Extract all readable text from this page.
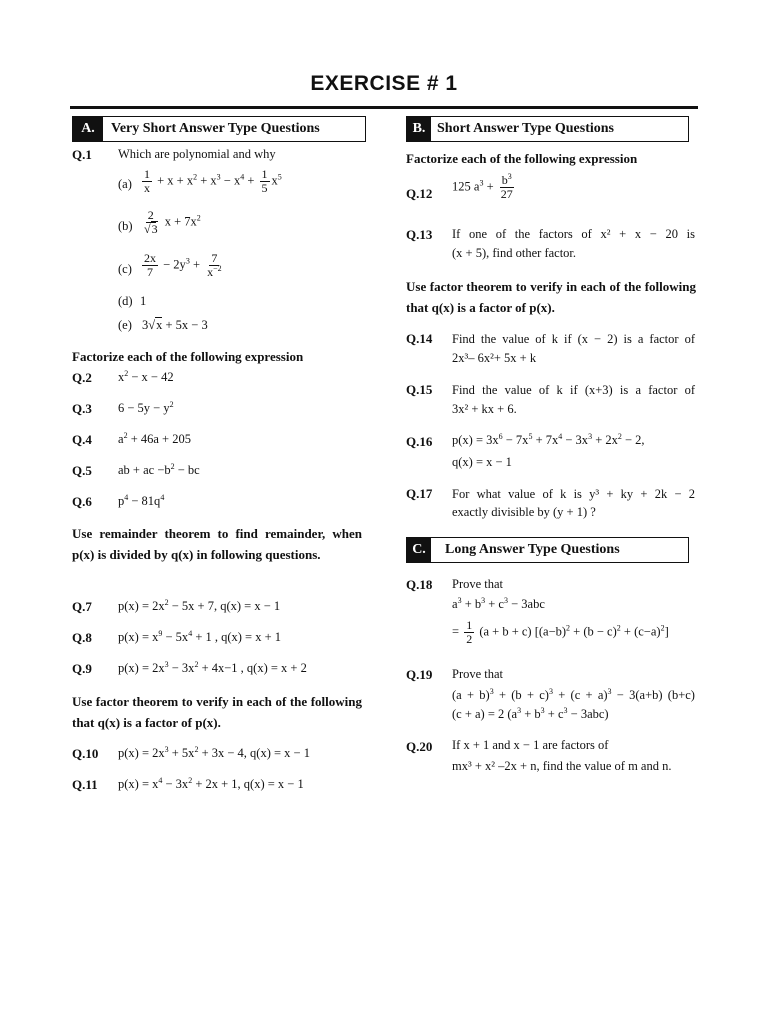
EXERCISE # 1
A.	Very Short Answer Type Questions
Q.1 Which are polynomial and why
$(a) \frac{1}{x} + x + x^2 + x^3 - x^4 + \frac{1}{5} x^5$
$(b) \frac{2}{√3}$ $x + 7x^2$
$(c) \frac{2x}{7} - 2y^3 + \frac{7}{x^{-2}}$
(d) 1
(e) 3√x + 5x − 3
Factorize each of the following expression
Q.2 $x^2 - x - 42$
Q.3 $6 - 5y - y^2$
Q.4 $a^2 + 46a + 205$
Q.5 ab + ac $-b^2$ − bc
Q.6 $p^4 - 81q^4$
Use remainder theorem to find remainder, when p(x) is divided by q(x) in following questions.
Q.7 $p(x) = 2x^2 - 5x + 7$, q(x) = x − 1
Q.8 $p(x) = x^9 - 5x^4 + 1$ , q(x) = x + 1
Q.9 $p(x) = 2x^3 - 3x^2 + 4x-1$ , q(x) = x + 2
Use factor theorem to verify in each of the following that q(x) is a factor of p(x).
Q.10 $p(x) = 2x^3 + 5x^2 + 3x - 4$, q(x) = x − 1
Q.11 $p(x) = x^4 - 3x^2 + 2x + 1$, q(x) = x − 1
B. Short Answer Type Questions
Factorize each of the following expression
Q.12 125 $a^3 + \frac{b^3}{27}$
Q.13 If one of the factors of x² + x − 20 is
(x + 5), find other factor.
Use factor theorem to verify in each of the following that q(x) is a factor of p(x).
Q.14 Find the value of k if (x − 2) is a factor of
2x³– 6x²+ 5x + k
Q.15 Find the value of k if (x+3) is a factor of
3x² + kx + 6.
Q.16 $p(x) = 3x^6 - 7x^5 + 7x^4 - 3x^3 + 2x^2 - 2$,
q(x) = x − 1
Q.17 For what value of k is y³ + ky + 2k − 2
exactly divisible by (y + 1) ?
C.	Long Answer Type Questions
Q.18 Prove that
$a^3 + b^3 + c^3 - 3abc$
= $\frac{1}{2} (a + b + c) [(a-b)^2 + (b - c)^2 + (c-a)^2]$
Q.19 Prove that
$(a + b)^3 + (b + c)^3 + (c + a)^3 - 3(a+b)$ (b+c)
(c + a) = 2 $(a^3 + b^3 + c^3 - 3abc)$
Q.20 If x + 1 and x − 1 are factors of
mx³ + x² –2x + n, find the value of m and n.
